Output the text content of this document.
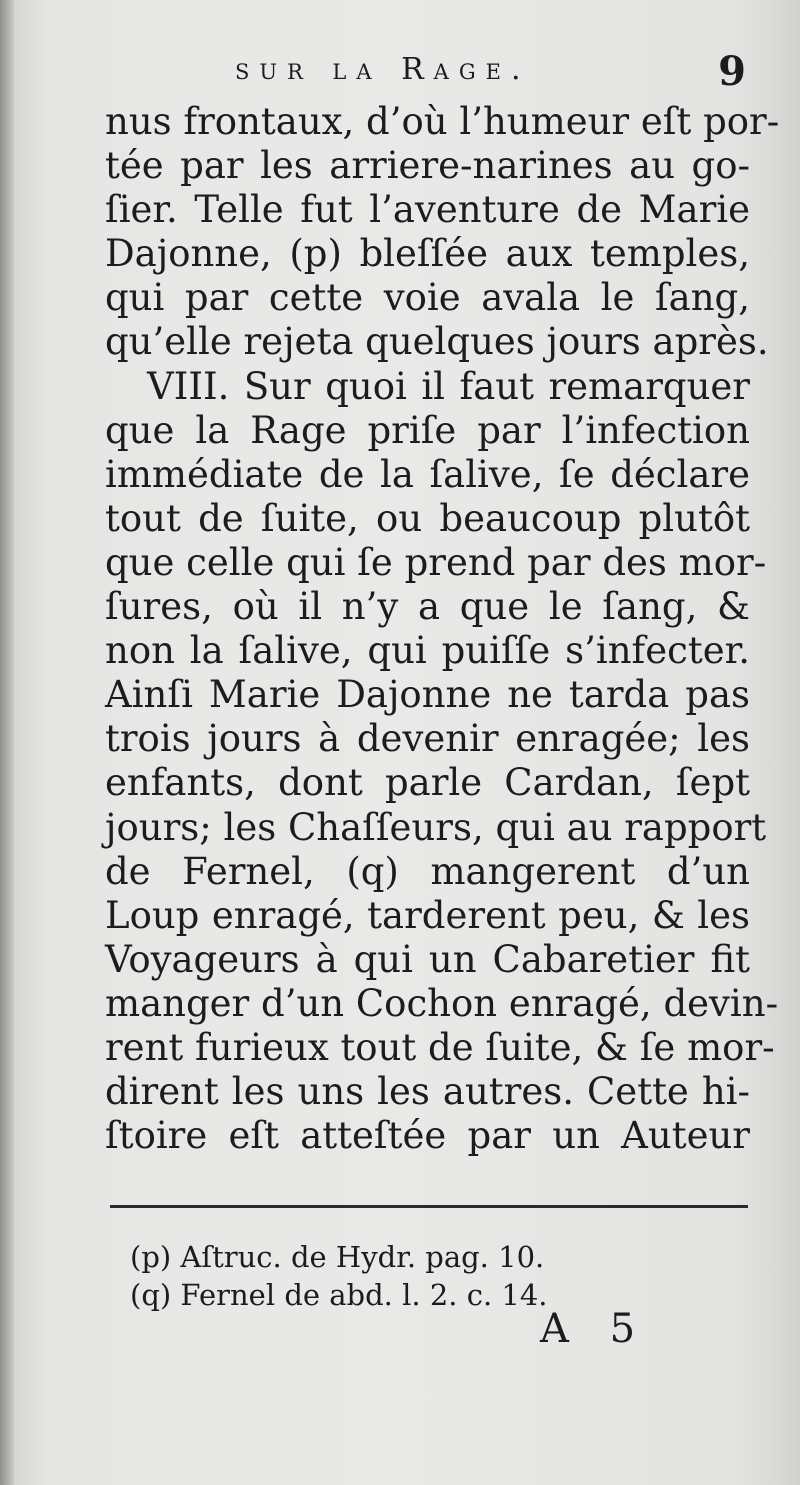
sur la Rage.	9
nus frontaux, d’où l’humeur eſt por-
tée par les arriere-narines au go-
ſier. Telle fut l’aventure de Marie
Dajonne, (p) bleſſée aux temples,
qui par cette voie avala le ſang,
qu’elle rejeta quelques jours après.
VIII. Sur quoi il faut remarquer
que la Rage priſe par l’infection
immédiate de la ſalive, ſe déclare
tout de ſuite, ou beaucoup plutôt
que celle qui ſe prend par des mor-
ſures, où il n’y a que le ſang, &
non la ſalive, qui puiſſe s’infecter.
Ainſi Marie Dajonne ne tarda pas
trois jours à devenir enragée; les
enfants, dont parle Cardan, ſept
jours; les Chaſſeurs, qui au rapport
de Fernel, (q) mangerent d’un
Loup enragé, tarderent peu, & les
Voyageurs à qui un Cabaretier fit
manger d’un Cochon enragé, devin-
rent furieux tout de ſuite, & ſe mor-
dirent les uns les autres. Cette hi-
ſtoire eſt atteſtée par un Auteur
(p) Aſtruc. de Hydr. pag. 10.
(q) Fernel de abd. l. 2. c. 14.
A 5
